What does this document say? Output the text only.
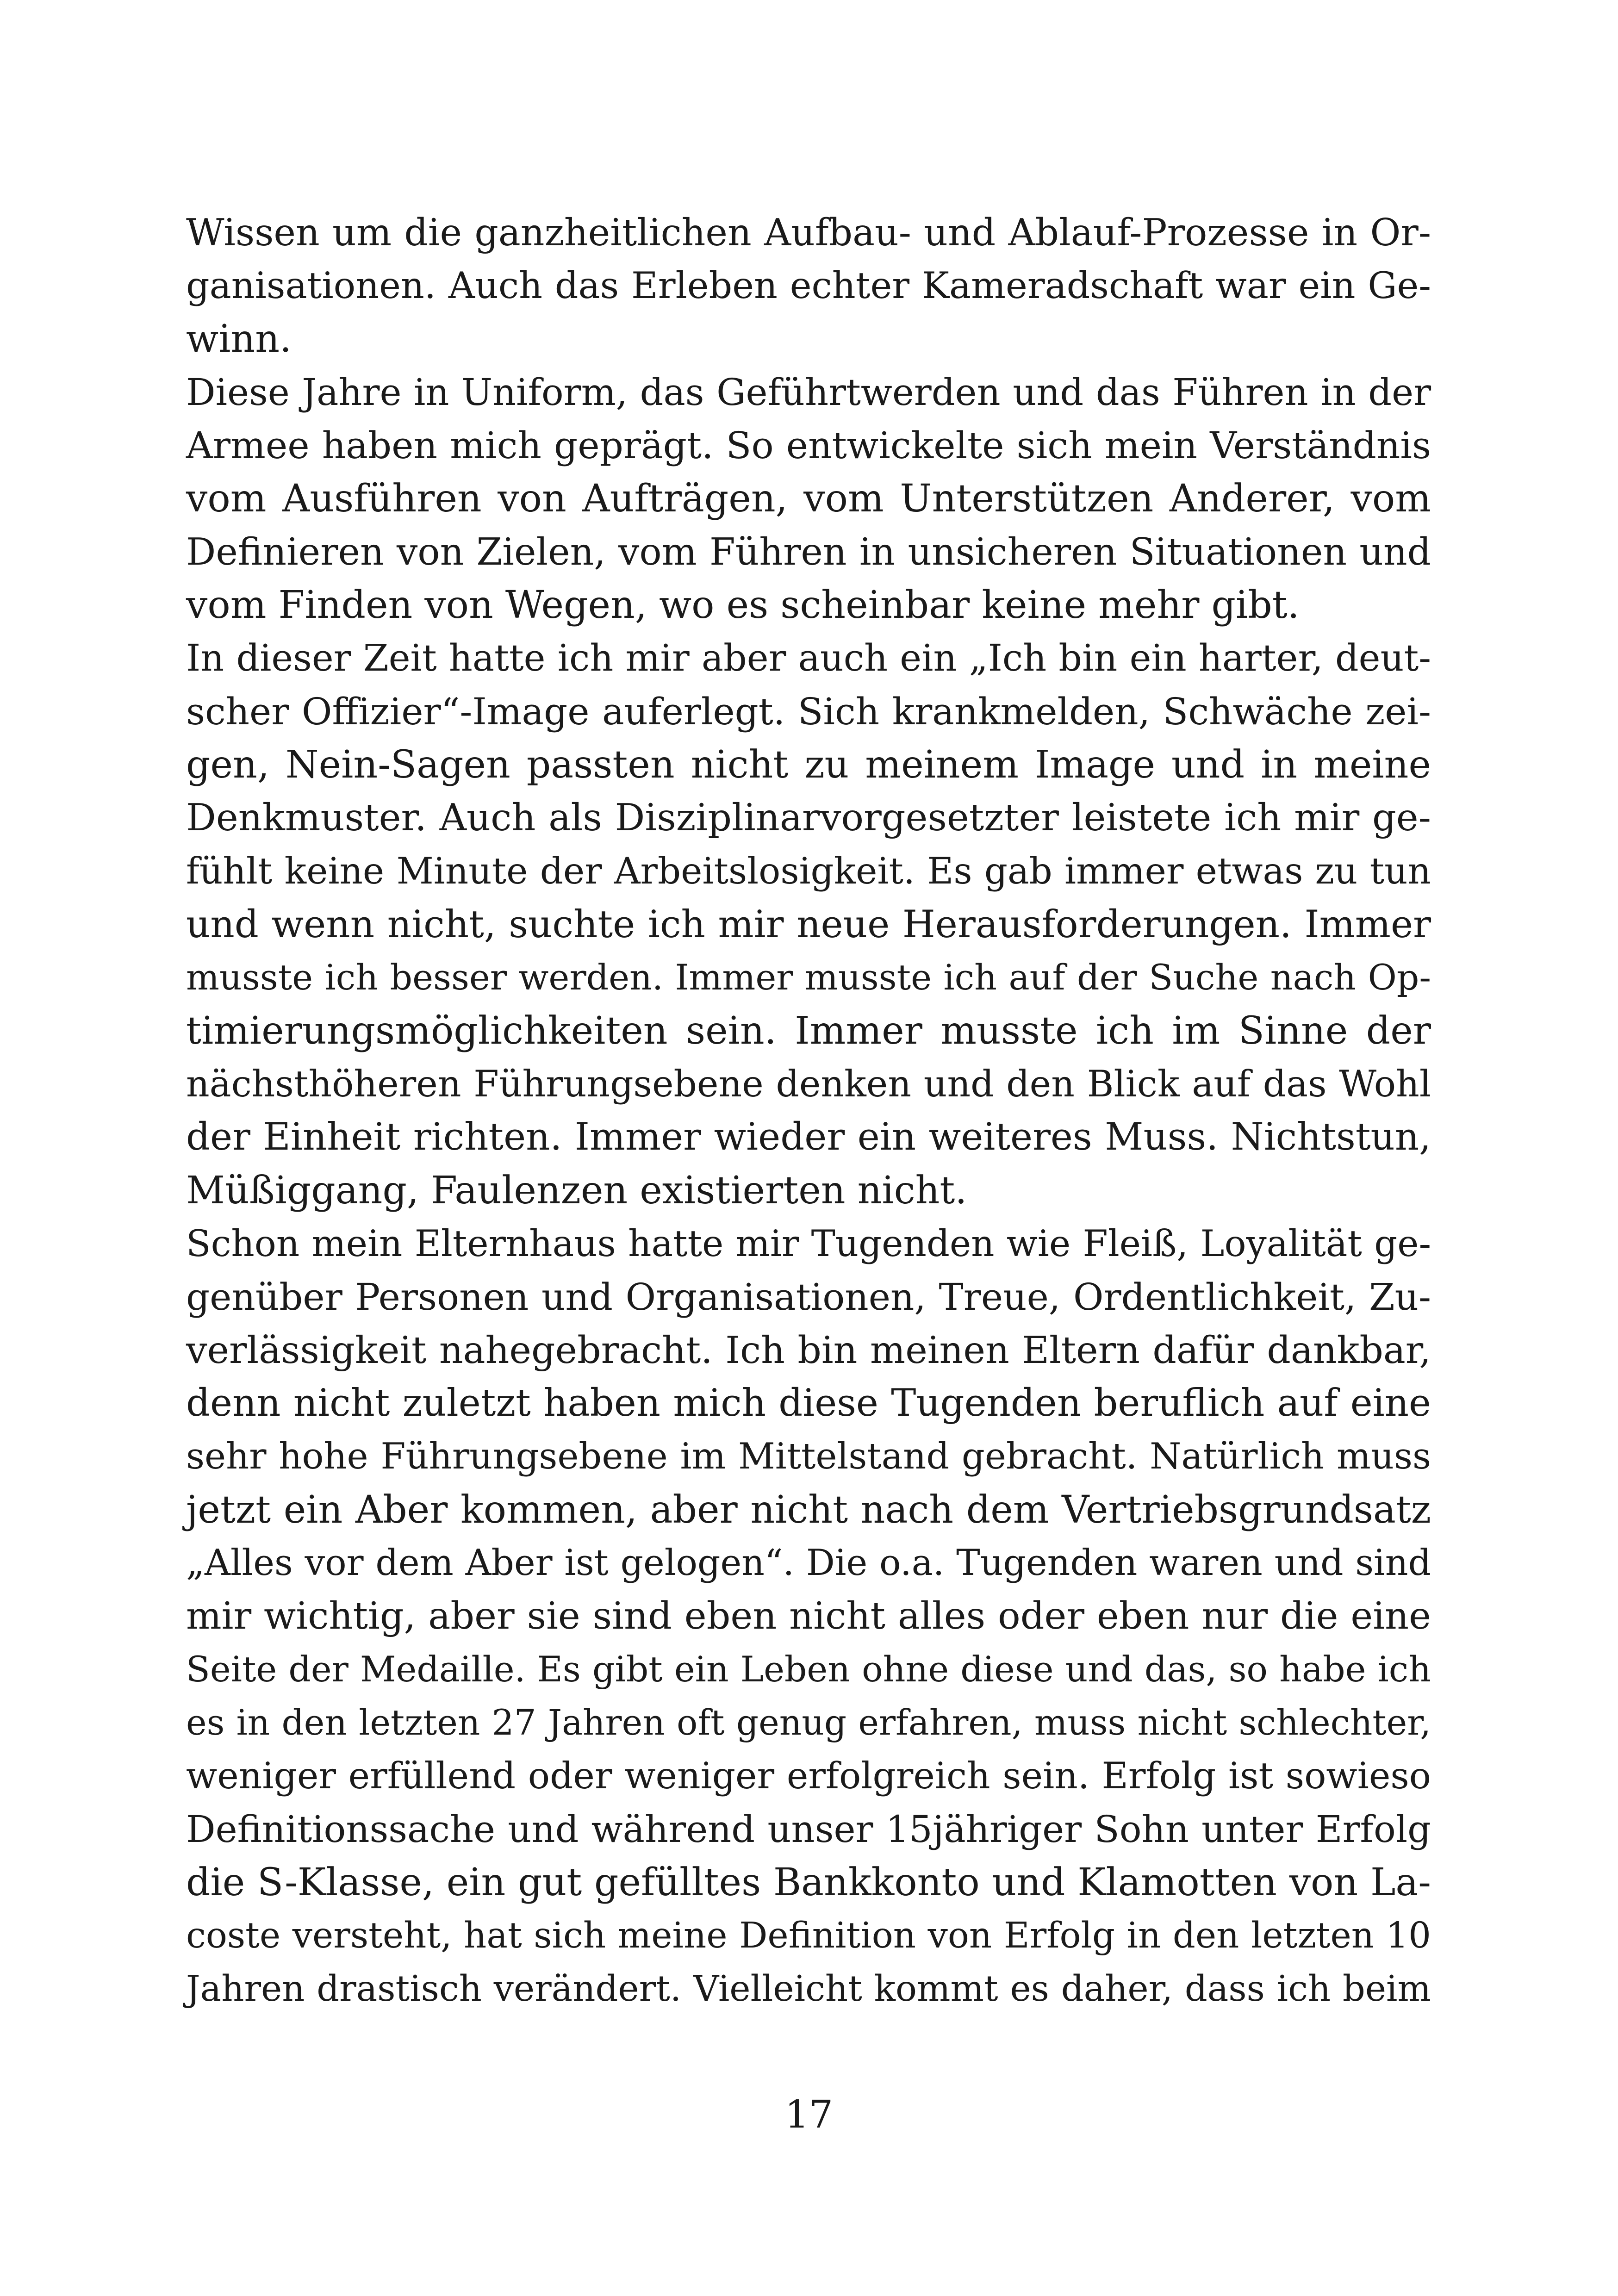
Wissen um die ganzheitlichen Aufbau- und Ablauf-Prozesse in Or-
ganisationen. Auch das Erleben echter Kameradschaft war ein Ge-
winn.
Diese Jahre in Uniform, das Geführtwerden und das Führen in der
Armee haben mich geprägt. So entwickelte sich mein Verständnis
vom Ausführen von Aufträgen, vom Unterstützen Anderer, vom
Definieren von Zielen, vom Führen in unsicheren Situationen und
vom Finden von Wegen, wo es scheinbar keine mehr gibt.
In dieser Zeit hatte ich mir aber auch ein „Ich bin ein harter, deut-
scher Offizier“-Image auferlegt. Sich krankmelden, Schwäche zei-
gen, Nein-Sagen passten nicht zu meinem Image und in meine
Denkmuster. Auch als Disziplinarvorgesetzter leistete ich mir ge-
fühlt keine Minute der Arbeitslosigkeit. Es gab immer etwas zu tun
und wenn nicht, suchte ich mir neue Herausforderungen. Immer
musste ich besser werden. Immer musste ich auf der Suche nach Op-
timierungsmöglichkeiten sein. Immer musste ich im Sinne der
nächsthöheren Führungsebene denken und den Blick auf das Wohl
der Einheit richten. Immer wieder ein weiteres Muss. Nichtstun,
Müßiggang, Faulenzen existierten nicht.
Schon mein Elternhaus hatte mir Tugenden wie Fleiß, Loyalität ge-
genüber Personen und Organisationen, Treue, Ordentlichkeit, Zu-
verlässigkeit nahegebracht. Ich bin meinen Eltern dafür dankbar,
denn nicht zuletzt haben mich diese Tugenden beruflich auf eine
sehr hohe Führungsebene im Mittelstand gebracht. Natürlich muss
jetzt ein Aber kommen, aber nicht nach dem Vertriebsgrundsatz
„Alles vor dem Aber ist gelogen“. Die o.a. Tugenden waren und sind
mir wichtig, aber sie sind eben nicht alles oder eben nur die eine
Seite der Medaille. Es gibt ein Leben ohne diese und das, so habe ich
es in den letzten 27 Jahren oft genug erfahren, muss nicht schlechter,
weniger erfüllend oder weniger erfolgreich sein. Erfolg ist sowieso
Definitionssache und während unser 15jähriger Sohn unter Erfolg
die S-Klasse, ein gut gefülltes Bankkonto und Klamotten von La-
coste versteht, hat sich meine Definition von Erfolg in den letzten 10
Jahren drastisch verändert. Vielleicht kommt es daher, dass ich beim
17
